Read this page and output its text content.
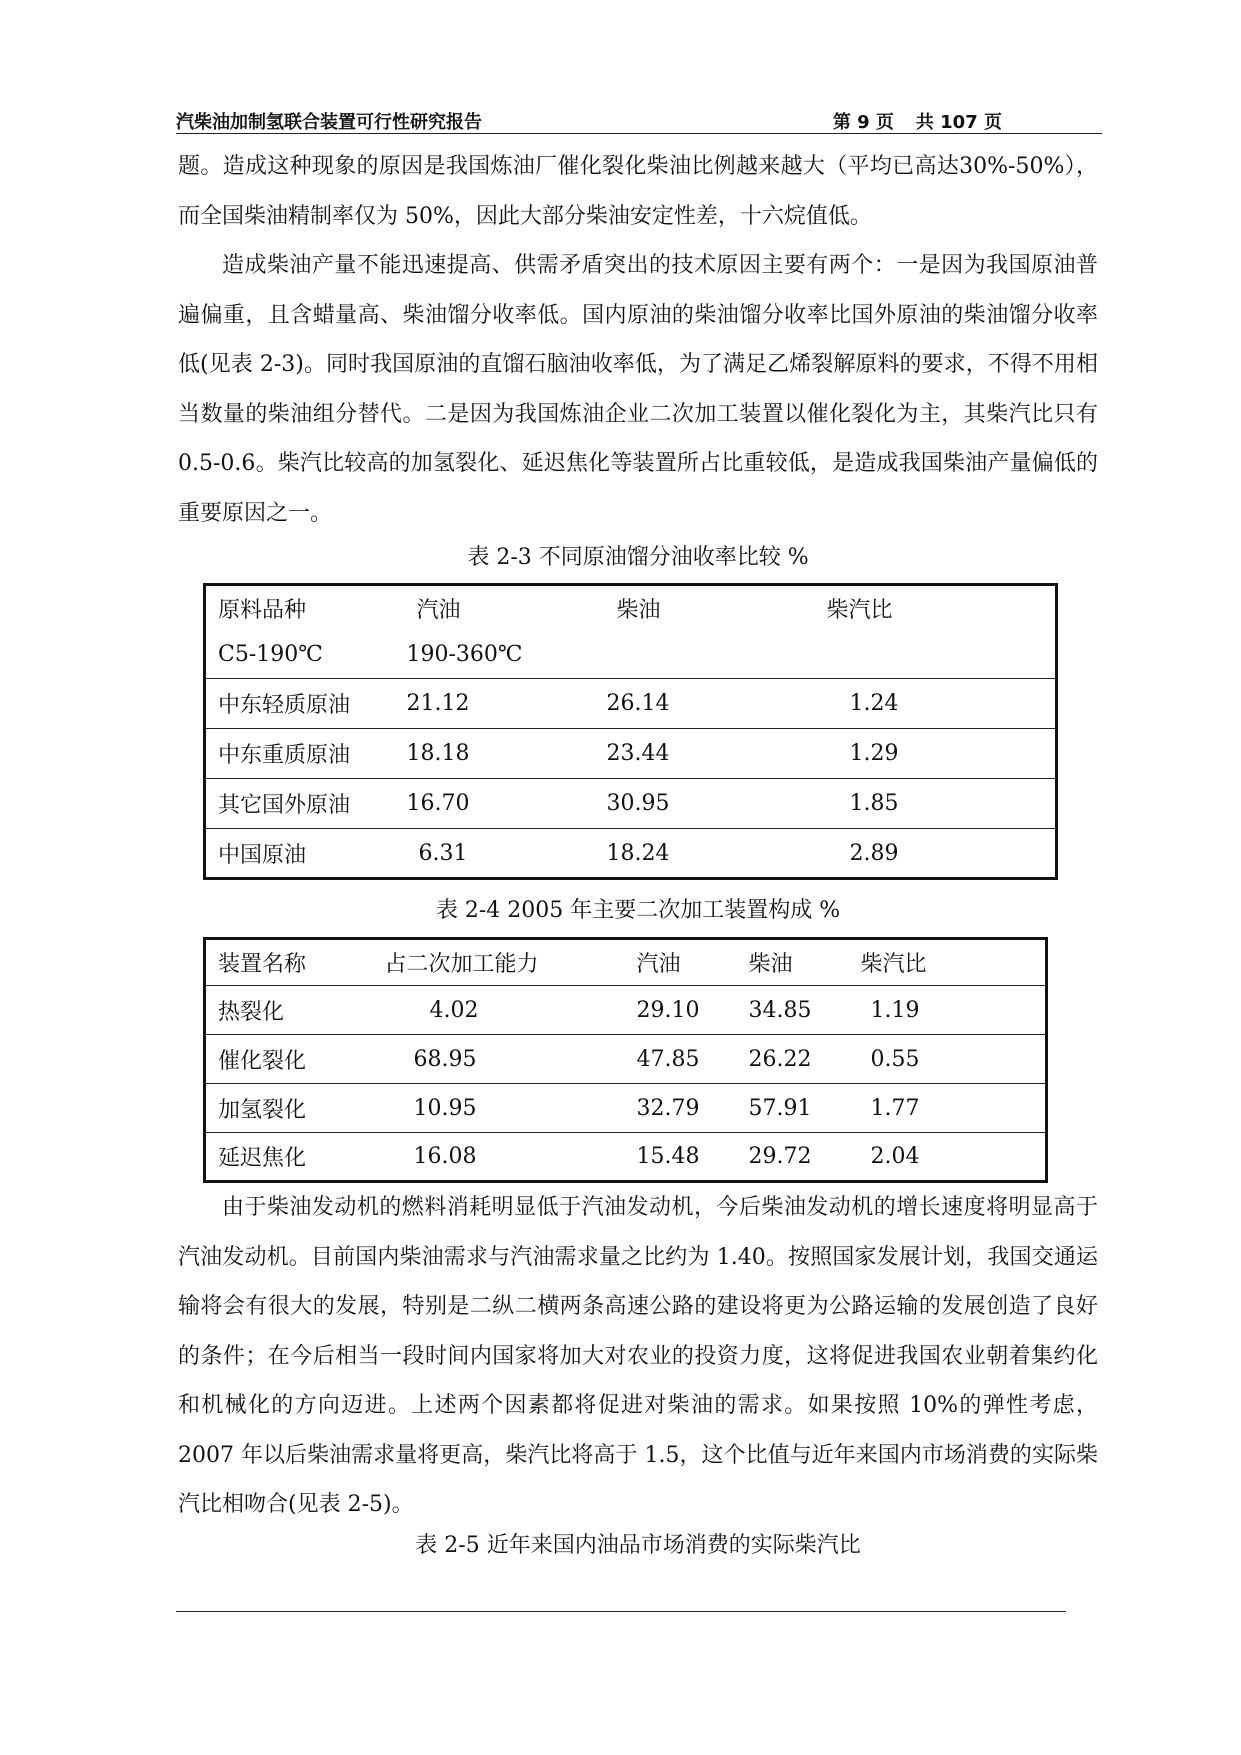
汽柴油加制氢联合装置可行性研究报告	第 9 页 共 107 页

题。造成这种现象的原因是我国炼油厂催化裂化柴油比例越来越大（平均已高达30%-50%），而全国柴油精制率仅为 50%，因此大部分柴油安定性差，十六烷值低。

造成柴油产量不能迅速提高、供需矛盾突出的技术原因主要有两个：一是因为我国原油普遍偏重，且含蜡量高、柴油馏分收率低。国内原油的柴油馏分收率比国外原油的柴油馏分收率低(见表 2-3)。同时我国原油的直馏石脑油收率低，为了满足乙烯裂解原料的要求，不得不用相当数量的柴油组分替代。二是因为我国炼油企业二次加工装置以催化裂化为主，其柴汽比只有 0.5-0.6。柴汽比较高的加氢裂化、延迟焦化等装置所占比重较低，是造成我国柴油产量偏低的重要原因之一。

表 2-3 不同原油馏分油收率比较 %

原料品种	汽油	柴油	柴汽比
C5-190℃	190-360℃		
中东轻质原油	21.12	26.14	1.24
中东重质原油	18.18	23.44	1.29
其它国外原油	16.70	30.95	1.85
中国原油	6.31	18.24	2.89

表 2-4 2005 年主要二次加工装置构成 %

装置名称	占二次加工能力	汽油	柴油	柴汽比
热裂化	4.02	29.10	34.85	1.19
催化裂化	68.95	47.85	26.22	0.55
加氢裂化	10.95	32.79	57.91	1.77
延迟焦化	16.08	15.48	29.72	2.04

由于柴油发动机的燃料消耗明显低于汽油发动机，今后柴油发动机的增长速度将明显高于汽油发动机。目前国内柴油需求与汽油需求量之比约为 1.40。按照国家发展计划，我国交通运输将会有很大的发展，特别是二纵二横两条高速公路的建设将更为公路运输的发展创造了良好的条件；在今后相当一段时间内国家将加大对农业的投资力度，这将促进我国农业朝着集约化和机械化的方向迈进。上述两个因素都将促进对柴油的需求。如果按照 10%的弹性考虑，2007 年以后柴油需求量将更高，柴汽比将高于 1.5，这个比值与近年来国内市场消费的实际柴汽比相吻合(见表 2-5)。

表 2-5 近年来国内油品市场消费的实际柴汽比
